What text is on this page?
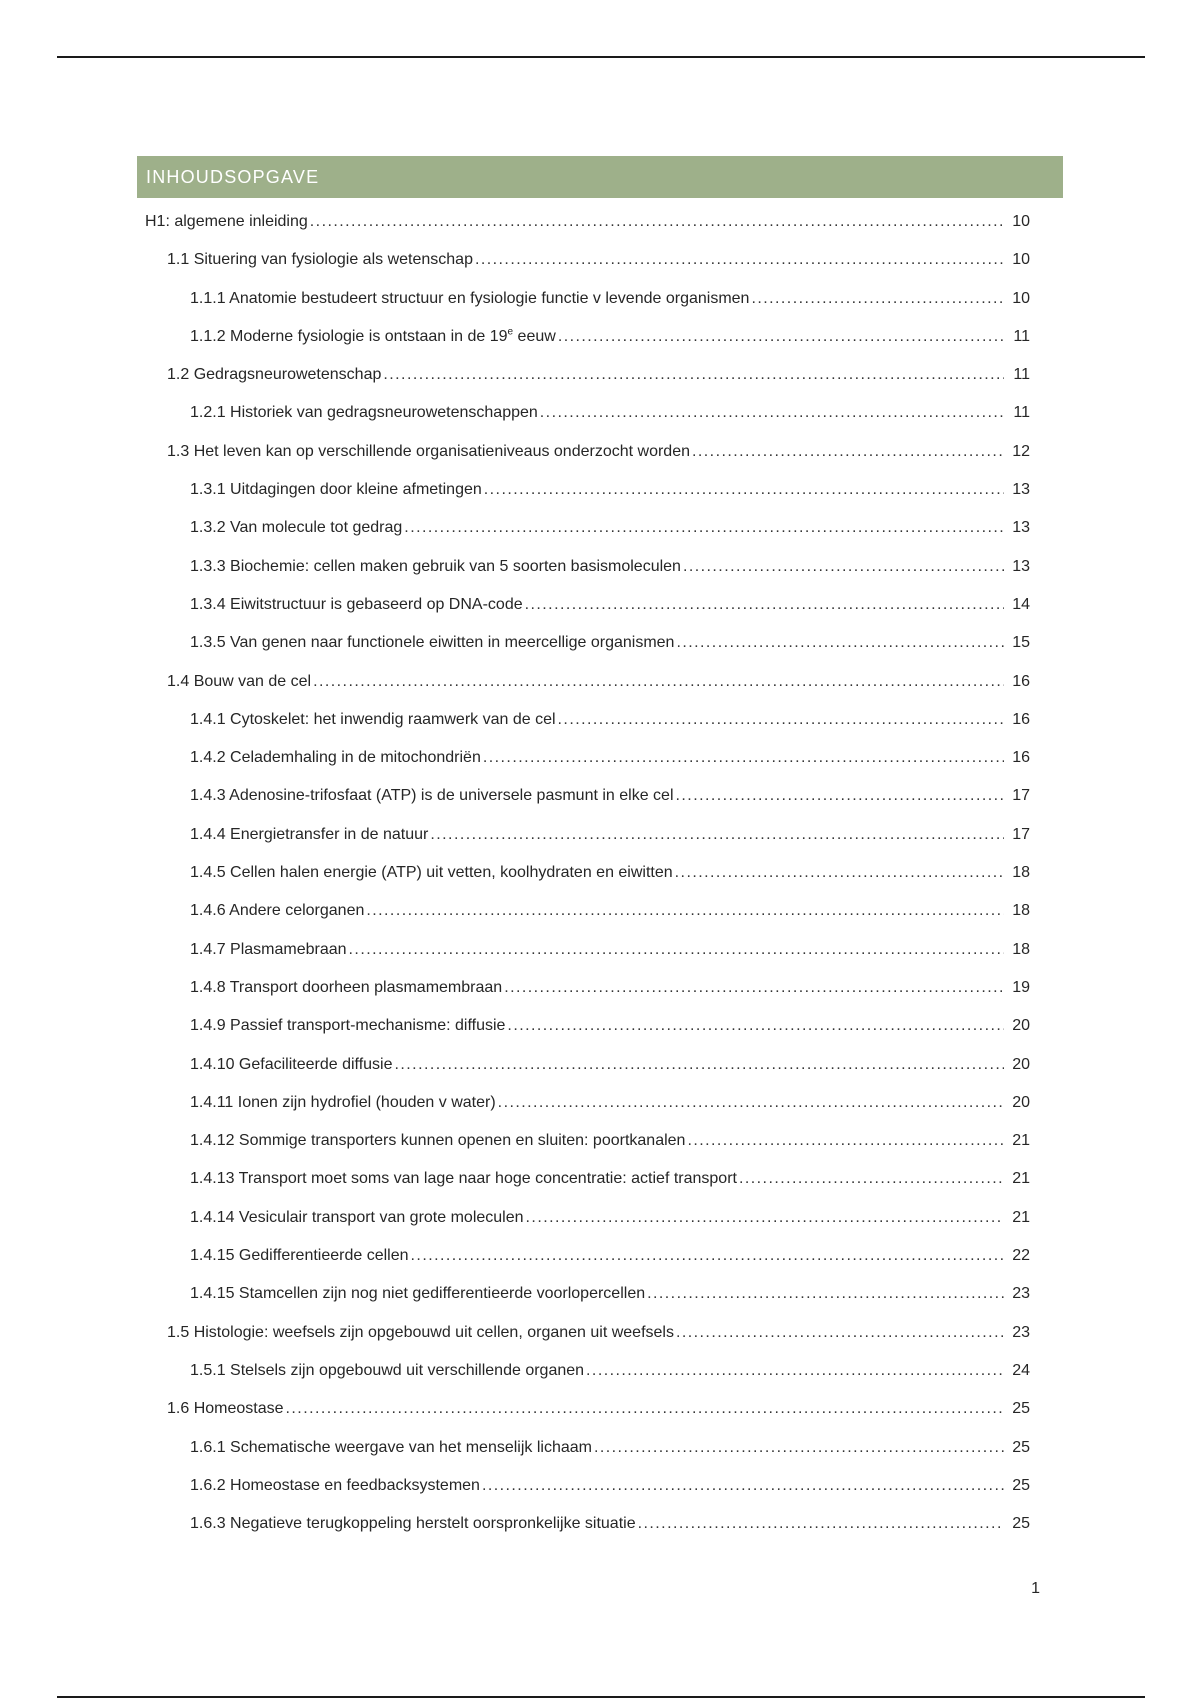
INHOUDSOPGAVE
H1: algemene inleiding . . .	10
1.1 Situering van fysiologie als wetenschap . . .	10
1.1.1 Anatomie bestudeert structuur en fysiologie functie v levende organismen . . .	10
1.1.2 Moderne fysiologie is ontstaan in de 19e eeuw . . .	11
1.2 Gedragsneurowetenschap . . .	11
1.2.1 Historiek van gedragsneurowetenschappen . . .	11
1.3 Het leven kan op verschillende organisatieniveaus onderzocht worden . . .	12
1.3.1 Uitdagingen door kleine afmetingen . . .	13
1.3.2 Van molecule tot gedrag . . .	13
1.3.3 Biochemie: cellen maken gebruik van 5 soorten basismoleculen . . .	13
1.3.4 Eiwitstructuur is gebaseerd op DNA-code . . .	14
1.3.5 Van genen naar functionele eiwitten in meercellige organismen . . .	15
1.4 Bouw van de cel . . .	16
1.4.1 Cytoskelet: het inwendig raamwerk van de cel . . .	16
1.4.2 Celademhaling in de mitochondriën . . .	16
1.4.3 Adenosine-trifosfaat (ATP) is de universele pasmunt in elke cel . . .	17
1.4.4 Energietransfer in de natuur . . .	17
1.4.5 Cellen halen energie (ATP) uit vetten, koolhydraten en eiwitten . . .	18
1.4.6 Andere celorganen . . .	18
1.4.7 Plasmamebraan . . .	18
1.4.8 Transport doorheen plasmamembraan . . .	19
1.4.9 Passief transport-mechanisme: diffusie . . .	20
1.4.10 Gefaciliteerde diffusie . . .	20
1.4.11 Ionen zijn hydrofiel (houden v water) . . .	20
1.4.12 Sommige transporters kunnen openen en sluiten: poortkanalen . . .	21
1.4.13 Transport moet soms van lage naar hoge concentratie: actief transport . . .	21
1.4.14 Vesiculair transport van grote moleculen . . .	21
1.4.15 Gedifferentieerde cellen . . .	22
1.4.15 Stamcellen zijn nog niet gedifferentieerde voorlopercellen . . .	23
1.5 Histologie: weefsels zijn opgebouwd uit cellen, organen uit weefsels . . .	23
1.5.1 Stelsels zijn opgebouwd uit verschillende organen . . .	24
1.6 Homeostase . . .	25
1.6.1 Schematische weergave van het menselijk lichaam . . .	25
1.6.2 Homeostase en feedbacksystemen . . .	25
1.6.3 Negatieve terugkoppeling herstelt oorspronkelijke situatie . . .	25
1
